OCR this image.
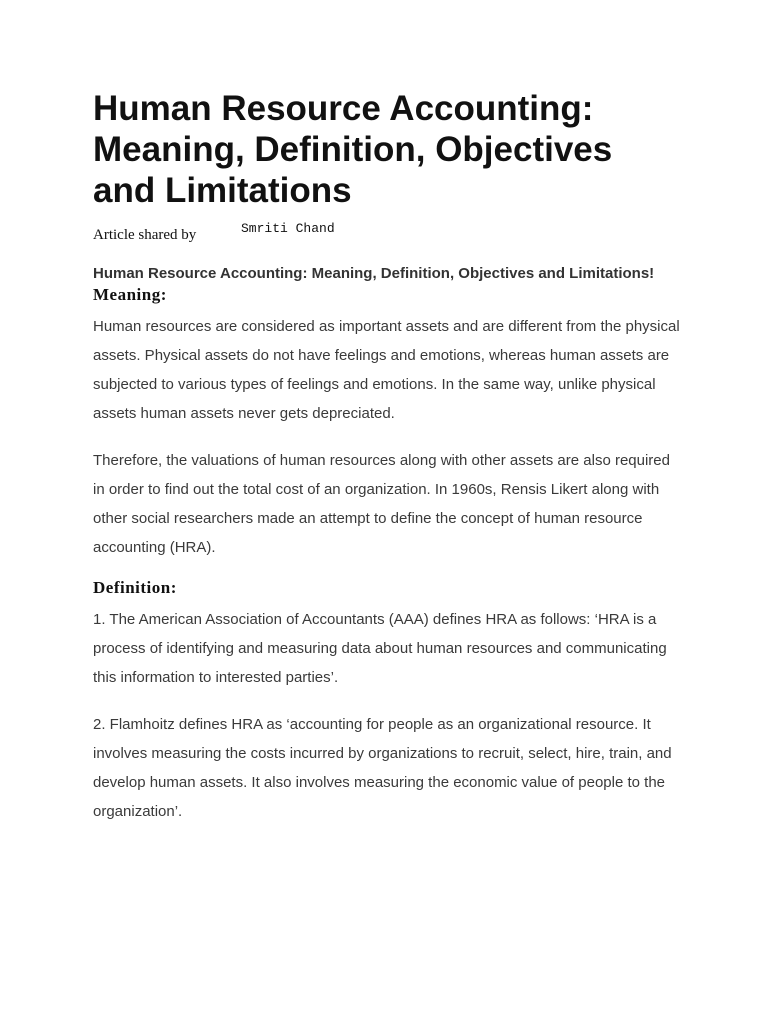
Human Resource Accounting: Meaning, Definition, Objectives and Limitations
Article shared by	Smriti Chand

Human Resource Accounting: Meaning, Definition, Objectives and Limitations!

Meaning:

Human resources are considered as important assets and are different from the physical assets. Physical assets do not have feelings and emotions, whereas human assets are subjected to various types of feelings and emotions. In the same way, unlike physical assets human assets never gets depreciated.

Therefore, the valuations of human resources along with other assets are also required in order to find out the total cost of an organization. In 1960s, Rensis Likert along with other social researchers made an attempt to define the concept of human resource accounting (HRA).

Definition:

1. The American Association of Accountants (AAA) defines HRA as follows: ‘HRA is a process of identifying and measuring data about human resources and communicating this information to interested parties’.

2. Flamhoitz defines HRA as ‘accounting for people as an organizational resource. It involves measuring the costs incurred by organizations to recruit, select, hire, train, and develop human assets. It also involves measuring the economic value of people to the organization’.
